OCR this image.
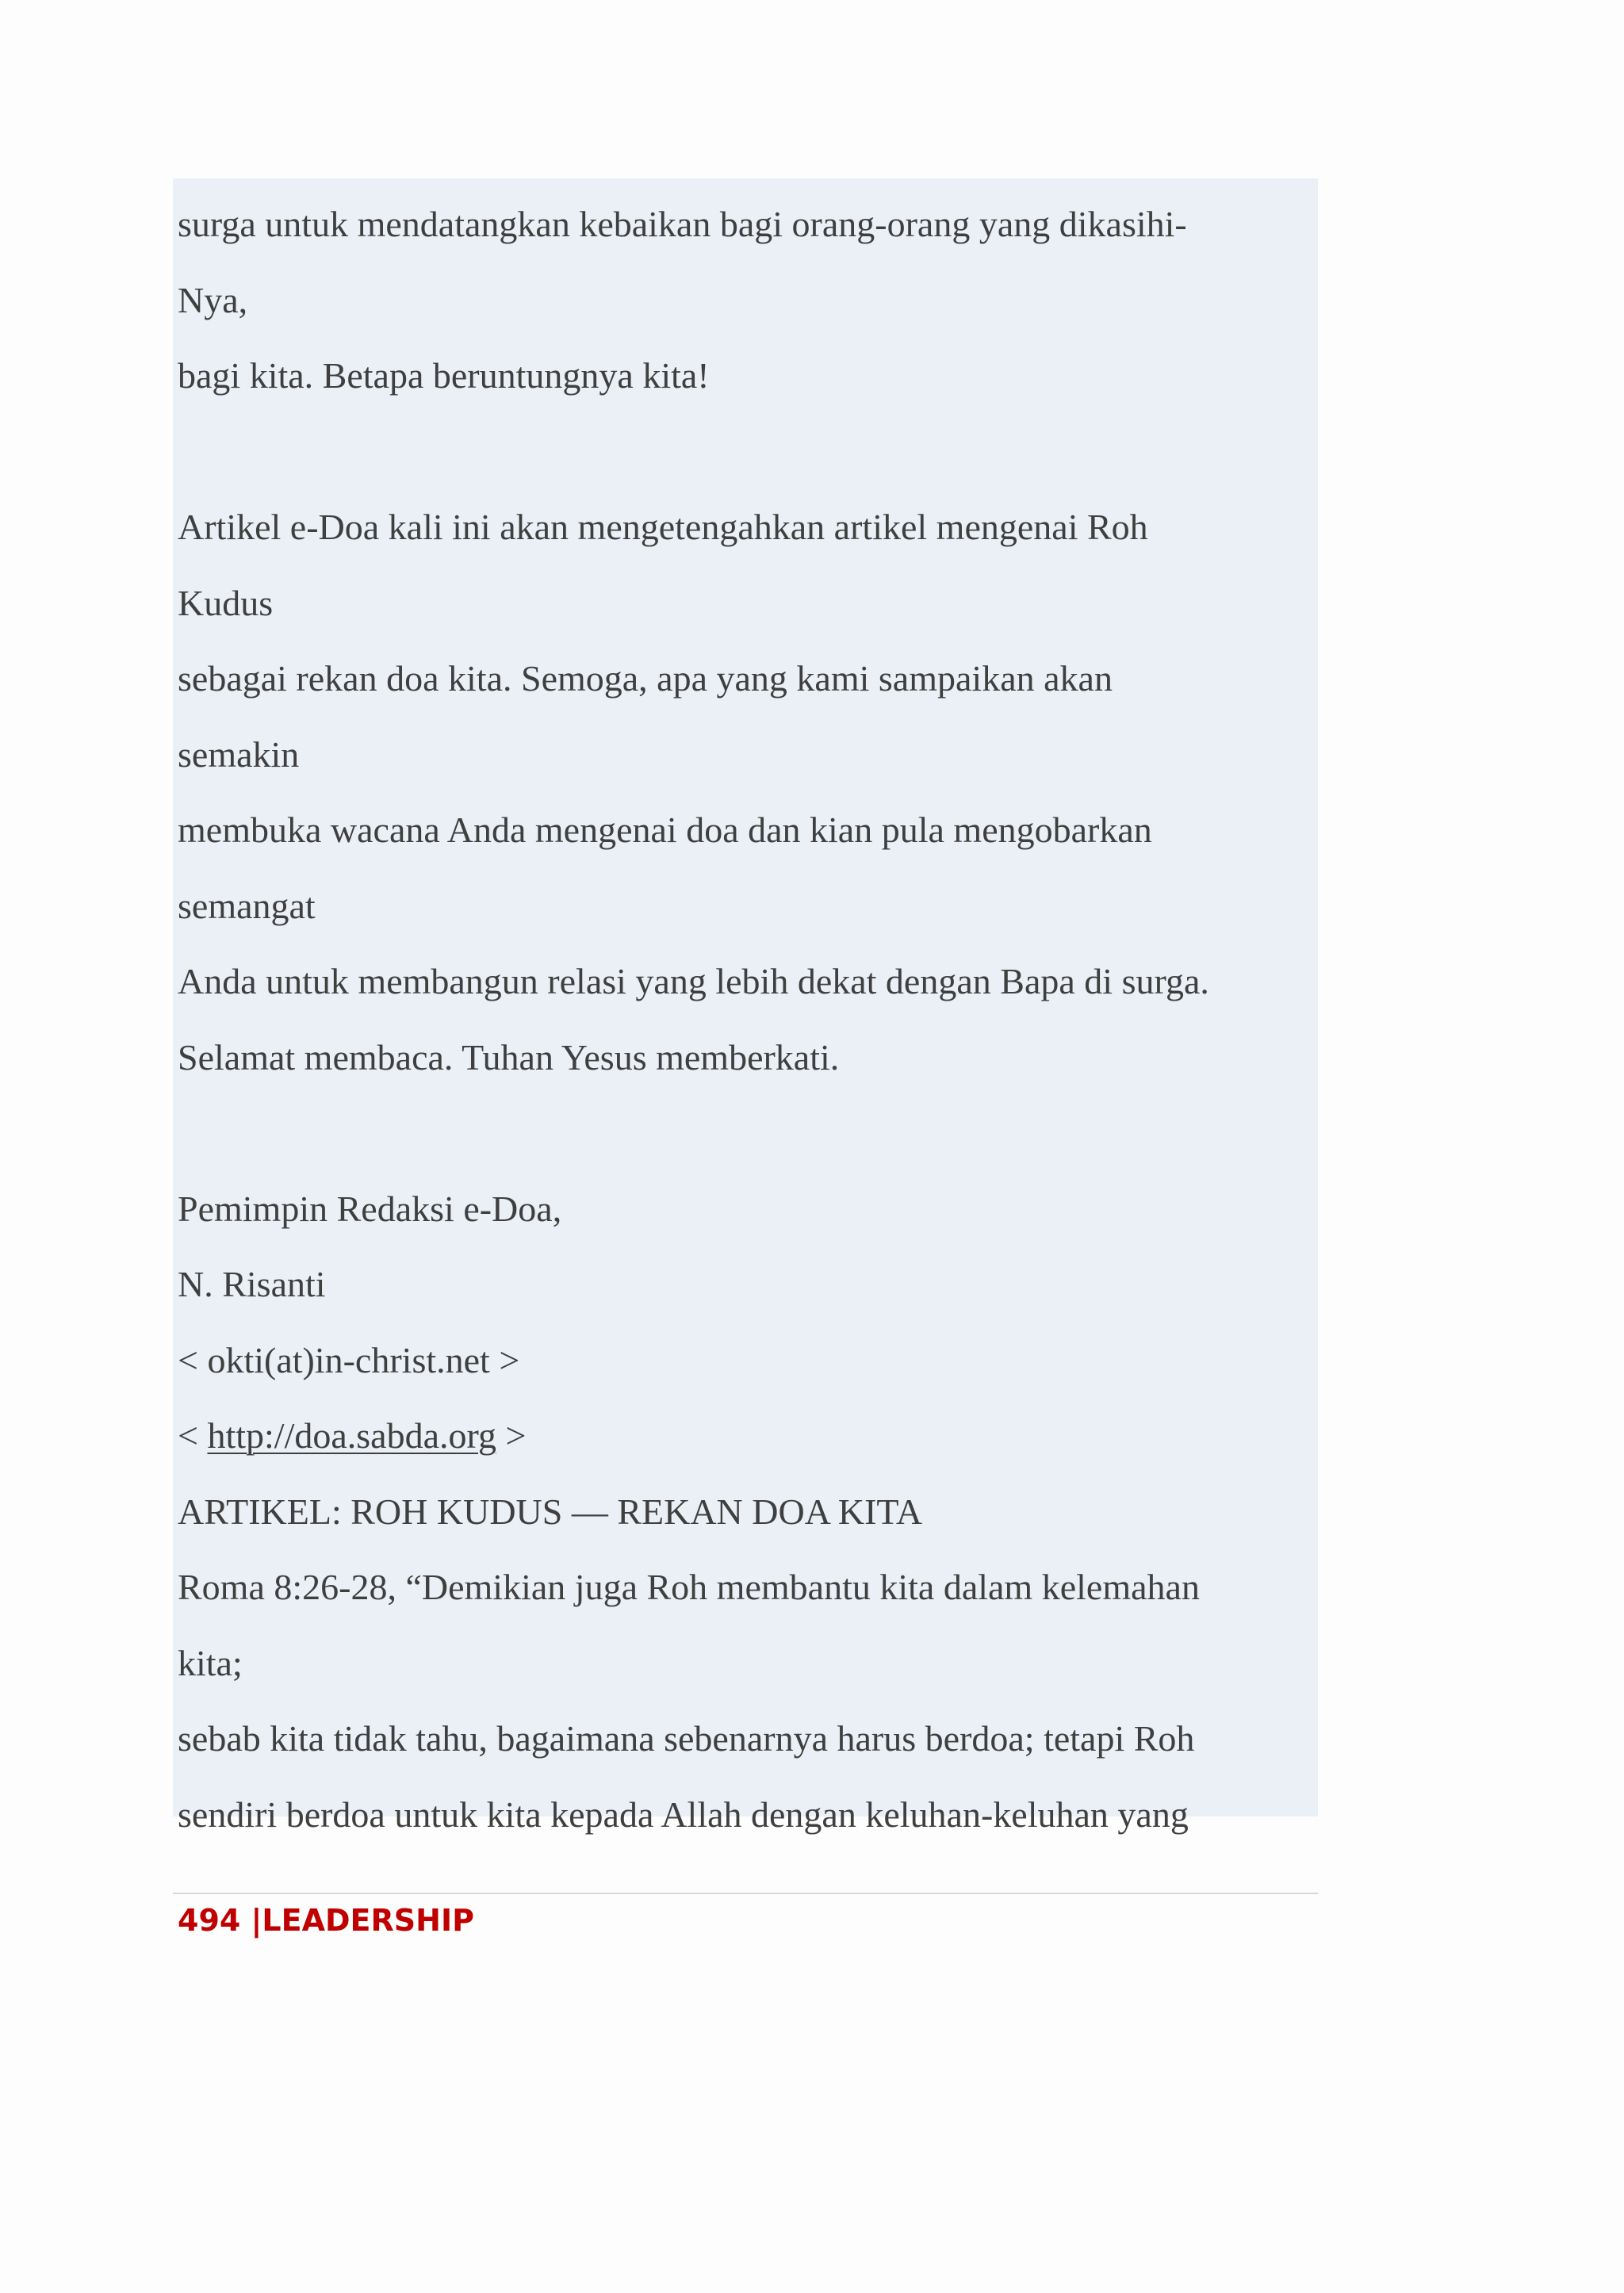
surga untuk mendatangkan kebaikan bagi orang-orang yang dikasihi-
Nya,
bagi kita. Betapa beruntungnya kita!
Artikel e-Doa kali ini akan mengetengahkan artikel mengenai Roh
Kudus
sebagai rekan doa kita. Semoga, apa yang kami sampaikan akan
semakin
membuka wacana Anda mengenai doa dan kian pula mengobarkan
semangat
Anda untuk membangun relasi yang lebih dekat dengan Bapa di surga.
Selamat membaca. Tuhan Yesus memberkati.
Pemimpin Redaksi e-Doa,
N. Risanti
< okti(at)in-christ.net >
< http://doa.sabda.org >
ARTIKEL: ROH KUDUS — REKAN DOA KITA
Roma 8:26-28, “Demikian juga Roh membantu kita dalam kelemahan
kita;
sebab kita tidak tahu, bagaimana sebenarnya harus berdoa; tetapi Roh
sendiri berdoa untuk kita kepada Allah dengan keluhan-keluhan yang
494 |LEADERSHIP
